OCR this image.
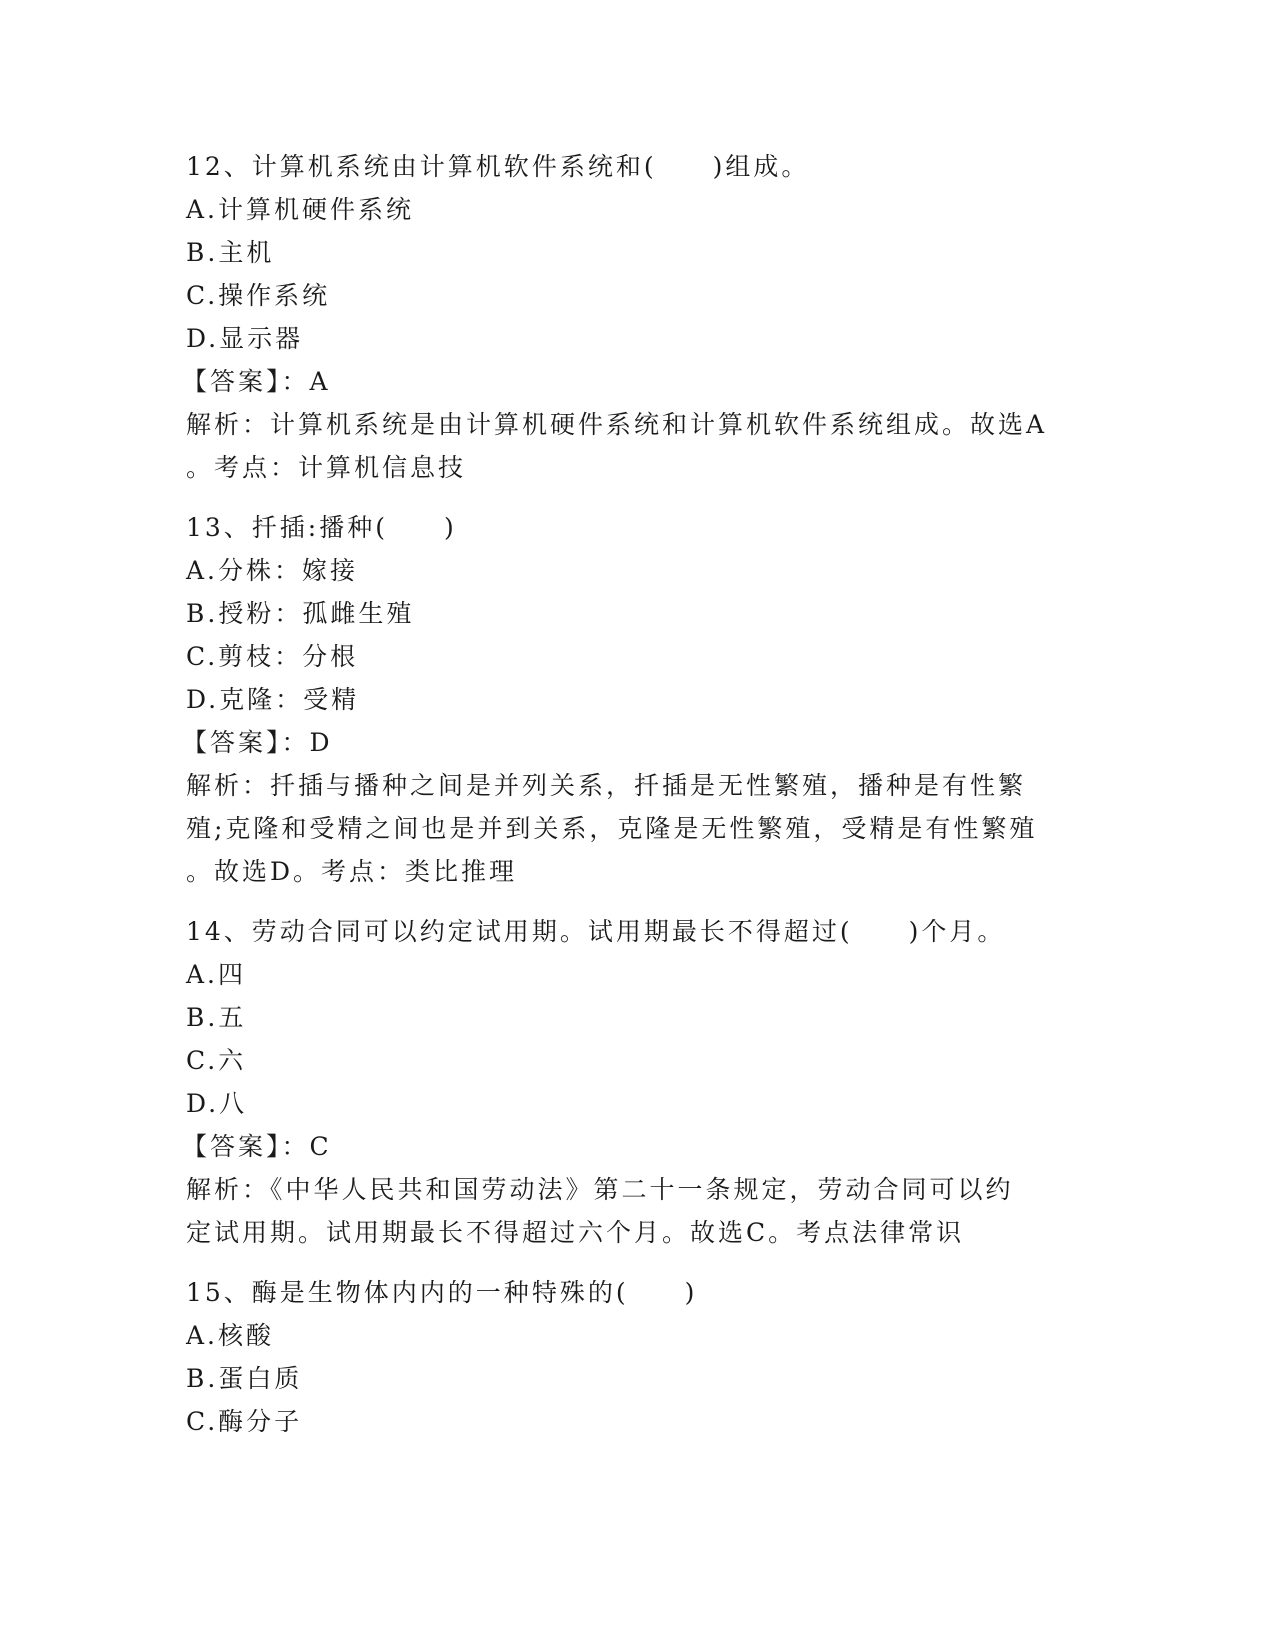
12、计算机系统由计算机软件系统和(　　)组成。
A.计算机硬件系统
B.主机
C.操作系统
D.显示器
【答案】：A
解析：计算机系统是由计算机硬件系统和计算机软件系统组成。故选A
。考点：计算机信息技
13、扦插:播种(　　)
A.分株：嫁接
B.授粉：孤雌生殖
C.剪枝：分根
D.克隆：受精
【答案】：D
解析：扦插与播种之间是并列关系，扦插是无性繁殖，播种是有性繁
殖;克隆和受精之间也是并到关系，克隆是无性繁殖，受精是有性繁殖
。故选D。考点：类比推理
14、劳动合同可以约定试用期。试用期最长不得超过(　　)个月。
A.四
B.五
C.六
D.八
【答案】：C
解析：《中华人民共和国劳动法》第二十一条规定，劳动合同可以约
定试用期。试用期最长不得超过六个月。故选C。考点法律常识
15、酶是生物体内内的一种特殊的(　　)
A.核酸
B.蛋白质
C.酶分子
